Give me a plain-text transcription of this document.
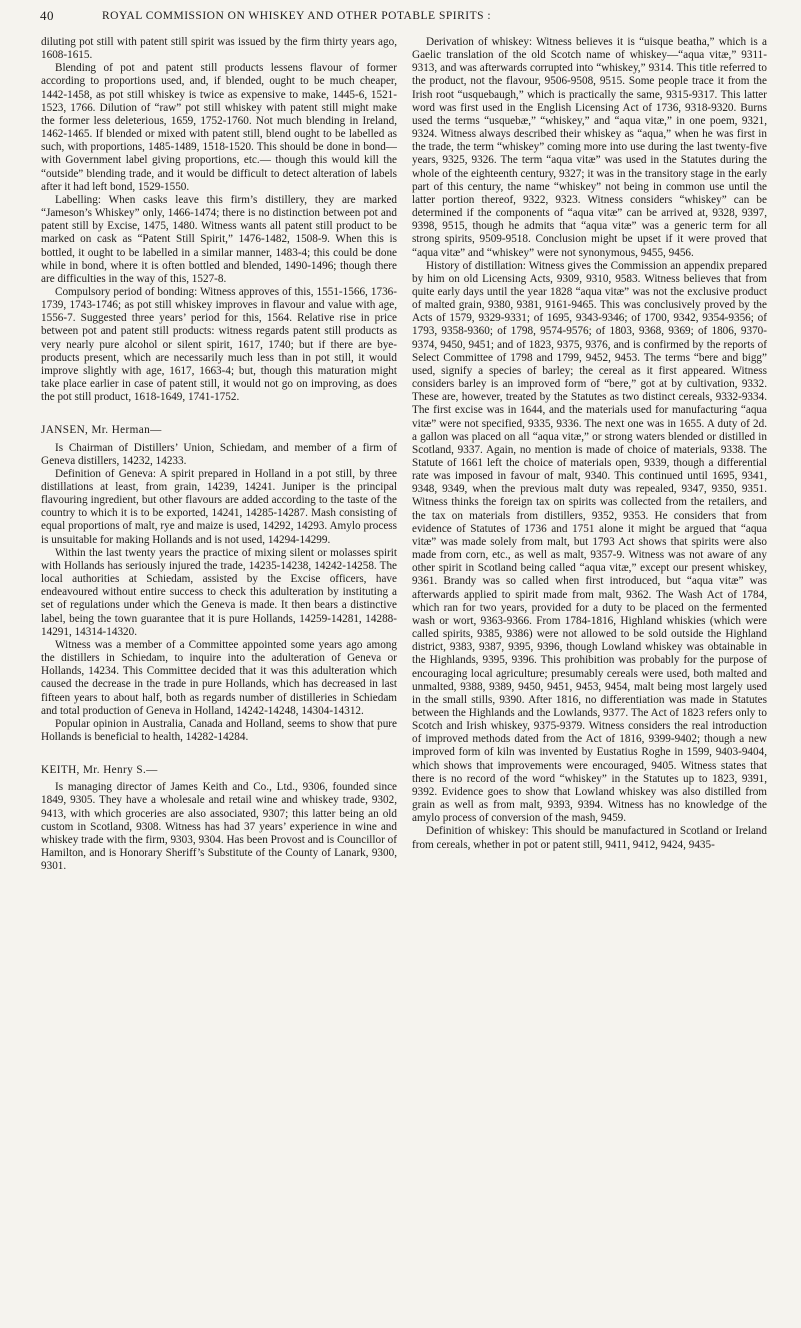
40	ROYAL COMMISSION ON WHISKEY AND OTHER POTABLE SPIRITS :

diluting pot still with patent still spirit was issued by the firm thirty years ago, 1608-1615.

Blending of pot and patent still products lessens flavour of former according to proportions used, and, if blended, ought to be much cheaper, 1442-1458, as pot still whiskey is twice as expensive to make, 1445-6, 1521-1523, 1766. Dilution of “raw” pot still whiskey with patent still might make the former less deleterious, 1659, 1752-1760. Not much blending in Ireland, 1462-1465. If blended or mixed with patent still, blend ought to be labelled as such, with proportions, 1485-1489, 1518-1520. This should be done in bond—with Government label giving proportions, etc.— though this would kill the “outside” blending trade, and it would be difficult to detect alteration of labels after it had left bond, 1529-1550.

Labelling: When casks leave this firm’s distillery, they are marked “Jameson’s Whiskey” only, 1466-1474; there is no distinction between pot and patent still by Excise, 1475, 1480. Witness wants all patent still product to be marked on cask as “Patent Still Spirit,” 1476-1482, 1508-9. When this is bottled, it ought to be labelled in a similar manner, 1483-4; this could be done while in bond, where it is often bottled and blended, 1490-1496; though there are difficulties in the way of this, 1527-8.

Compulsory period of bonding: Witness approves of this, 1551-1566, 1736-1739, 1743-1746; as pot still whiskey improves in flavour and value with age, 1556-7. Suggested three years’ period for this, 1564. Relative rise in price between pot and patent still products: witness regards patent still products as very nearly pure alcohol or silent spirit, 1617, 1740; but if there are bye-products present, which are necessarily much less than in pot still, it would improve slightly with age, 1617, 1663-4; but, though this maturation might take place earlier in case of patent still, it would not go on improving, as does the pot still product, 1618-1649, 1741-1752.

JANSEN, Mr. Herman—

Is Chairman of Distillers’ Union, Schiedam, and member of a firm of Geneva distillers, 14232, 14233.

Definition of Geneva: A spirit prepared in Holland in a pot still, by three distillations at least, from grain, 14239, 14241. Juniper is the principal flavouring ingredient, but other flavours are added according to the taste of the country to which it is to be exported, 14241, 14285-14287. Mash consisting of equal proportions of malt, rye and maize is used, 14292, 14293. Amylo process is unsuitable for making Hollands and is not used, 14294-14299.

Within the last twenty years the practice of mixing silent or molasses spirit with Hollands has seriously injured the trade, 14235-14238, 14242-14258. The local authorities at Schiedam, assisted by the Excise officers, have endeavoured without entire success to check this adulteration by instituting a set of regulations under which the Geneva is made. It then bears a distinctive label, being the town guarantee that it is pure Hollands, 14259-14281, 14288-14291, 14314-14320.

Witness was a member of a Committee appointed some years ago among the distillers in Schiedam, to inquire into the adulteration of Geneva or Hollands, 14234. This Committee decided that it was this adulteration which caused the decrease in the trade in pure Hollands, which has decreased in last fifteen years to about half, both as regards number of distilleries in Schiedam and total production of Geneva in Holland, 14242-14248, 14304-14312.

Popular opinion in Australia, Canada and Holland, seems to show that pure Hollands is beneficial to health, 14282-14284.

KEITH, Mr. Henry S.—

Is managing director of James Keith and Co., Ltd., 9306, founded since 1849, 9305. They have a wholesale and retail wine and whiskey trade, 9302, 9413, with which groceries are also associated, 9307; this latter being an old custom in Scotland, 9308. Witness has had 37 years’ experience in wine and whiskey trade with the firm, 9303, 9304. Has been Provost and is Councillor of Hamilton, and is Honorary Sheriff’s Substitute of the County of Lanark, 9300, 9301.

Derivation of whiskey: Witness believes it is “uisque beatha,” which is a Gaelic translation of the old Scotch name of whiskey—“aqua vitæ,” 9311-9313, and was afterwards corrupted into “whiskey,” 9314. This title referred to the product, not the flavour, 9506-9508, 9515. Some people trace it from the Irish root “usquebaugh,” which is practically the same, 9315-9317. This latter word was first used in the English Licensing Act of 1736, 9318-9320. Burns used the terms “usquebæ,” “whiskey,” and “aqua vitæ,” in one poem, 9321, 9324. Witness always described their whiskey as “aqua,” when he was first in the trade, the term “whiskey” coming more into use during the last twenty-five years, 9325, 9326. The term “aqua vitæ” was used in the Statutes during the whole of the eighteenth century, 9327; it was in the transitory stage in the early part of this century, the name “whiskey” not being in common use until the latter portion thereof, 9322, 9323. Witness considers “whiskey” can be determined if the components of “aqua vitæ” can be arrived at, 9328, 9397, 9398, 9515, though he admits that “aqua vitæ” was a generic term for all strong spirits, 9509-9518. Conclusion might be upset if it were proved that “aqua vitæ” and “whiskey” were not synonymous, 9455, 9456.

History of distillation: Witness gives the Commission an appendix prepared by him on old Licensing Acts, 9309, 9310, 9583. Witness believes that from quite early days until the year 1828 “aqua vitæ” was not the exclusive product of malted grain, 9380, 9381, 9161-9465. This was conclusively proved by the Acts of 1579, 9329-9331; of 1695, 9343-9346; of 1700, 9342, 9354-9356; of 1793, 9358-9360; of 1798, 9574-9576; of 1803, 9368, 9369; of 1806, 9370-9374, 9450, 9451; and of 1823, 9375, 9376, and is confirmed by the reports of Select Committee of 1798 and 1799, 9452, 9453. The terms “bere and bigg” used, signify a species of barley; the cereal as it first appeared. Witness considers barley is an improved form of “bere,” got at by cultivation, 9332. These are, however, treated by the Statutes as two distinct cereals, 9332-9334. The first excise was in 1644, and the materials used for manufacturing “aqua vitæ” were not specified, 9335, 9336. The next one was in 1655. A duty of 2d. a gallon was placed on all “aqua vitæ,” or strong waters blended or distilled in Scotland, 9337. Again, no mention is made of choice of materials, 9338. The Statute of 1661 left the choice of materials open, 9339, though a differential rate was imposed in favour of malt, 9340. This continued until 1695, 9341, 9348, 9349, when the previous malt duty was repealed, 9347, 9350, 9351. Witness thinks the foreign tax on spirits was collected from the retailers, and the tax on materials from distillers, 9352, 9353. He considers that from evidence of Statutes of 1736 and 1751 alone it might be argued that “aqua vitæ” was made solely from malt, but 1793 Act shows that spirits were also made from corn, etc., as well as malt, 9357-9. Witness was not aware of any other spirit in Scotland being called “aqua vitæ,” except our present whiskey, 9361. Brandy was so called when first introduced, but “aqua vitæ” was afterwards applied to spirit made from malt, 9362. The Wash Act of 1784, which ran for two years, provided for a duty to be placed on the fermented wash or wort, 9363-9366. From 1784-1816, Highland whiskies (which were called spirits, 9385, 9386) were not allowed to be sold outside the Highland district, 9383, 9387, 9395, 9396, though Lowland whiskey was obtainable in the Highlands, 9395, 9396. This prohibition was probably for the purpose of encouraging local agriculture; presumably cereals were used, both malted and unmalted, 9388, 9389, 9450, 9451, 9453, 9454, malt being most largely used in the small stills, 9390. After 1816, no differentiation was made in Statutes between the Highlands and the Lowlands, 9377. The Act of 1823 refers only to Scotch and Irish whiskey, 9375-9379. Witness considers the real introduction of improved methods dated from the Act of 1816, 9399-9402; though a new improved form of kiln was invented by Eustatius Roghe in 1599, 9403-9404, which shows that improvements were encouraged, 9405. Witness states that there is no record of the word “whiskey” in the Statutes up to 1823, 9391, 9392. Evidence goes to show that Lowland whiskey was also distilled from grain as well as from malt, 9393, 9394. Witness has no knowledge of the amylo process of conversion of the mash, 9459.

Definition of whiskey: This should be manufactured in Scotland or Ireland from cereals, whether in pot or patent still, 9411, 9412, 9424, 9435-
